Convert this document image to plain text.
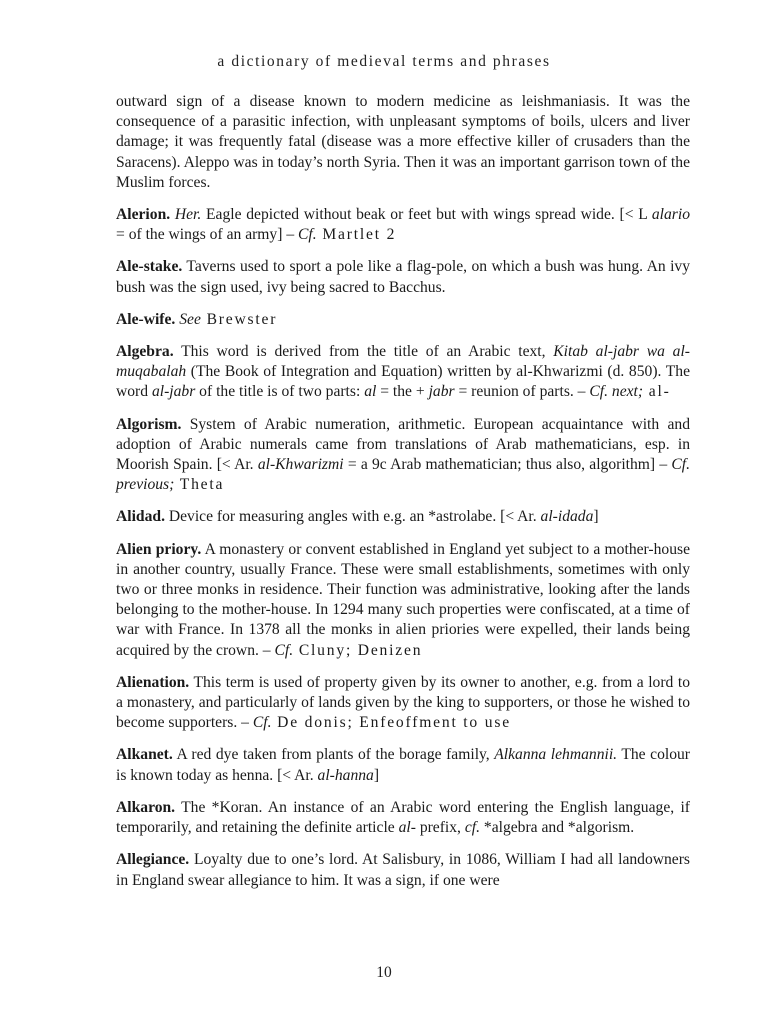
a dictionary of medieval terms and phrases

outward sign of a disease known to modern medicine as leishmaniasis. It was the consequence of a parasitic infection, with unpleasant symptoms of boils, ulcers and liver damage; it was frequently fatal (disease was a more effective killer of crusaders than the Saracens). Aleppo was in today’s north Syria. Then it was an important garrison town of the Muslim forces.

Alerion. Her. Eagle depicted without beak or feet but with wings spread wide. [< L alario = of the wings of an army] – Cf. Martlet 2

Ale-stake. Taverns used to sport a pole like a flag-pole, on which a bush was hung. An ivy bush was the sign used, ivy being sacred to Bacchus.

Ale-wife. See Brewster

Algebra. This word is derived from the title of an Arabic text, Kitab al-jabr wa al-muqabalah (The Book of Integration and Equation) written by al-Khwarizmi (d. 850). The word al-jabr of the title is of two parts: al = the + jabr = reunion of parts. – Cf. next; al-

Algorism. System of Arabic numeration, arithmetic. European acquaintance with and adoption of Arabic numerals came from translations of Arab mathematicians, esp. in Moorish Spain. [< Ar. al-Khwarizmi = a 9c Arab mathematician; thus also, algorithm] – Cf. previous; Theta

Alidad. Device for measuring angles with e.g. an *astrolabe. [< Ar. al-idada]

Alien priory. A monastery or convent established in England yet subject to a mother-house in another country, usually France. These were small establishments, sometimes with only two or three monks in residence. Their function was administrative, looking after the lands belonging to the mother-house. In 1294 many such properties were confiscated, at a time of war with France. In 1378 all the monks in alien priories were expelled, their lands being acquired by the crown. – Cf. Cluny; Denizen

Alienation. This term is used of property given by its owner to another, e.g. from a lord to a monastery, and particularly of lands given by the king to supporters, or those he wished to become supporters. – Cf. De donis; Enfeoffment to use

Alkanet. A red dye taken from plants of the borage family, Alkanna lehmannii. The colour is known today as henna. [< Ar. al-hanna]

Alkaron. The *Koran. An instance of an Arabic word entering the English language, if temporarily, and retaining the definite article al- prefix, cf. *algebra and *algorism.

Allegiance. Loyalty due to one’s lord. At Salisbury, in 1086, William I had all landowners in England swear allegiance to him. It was a sign, if one were

10
